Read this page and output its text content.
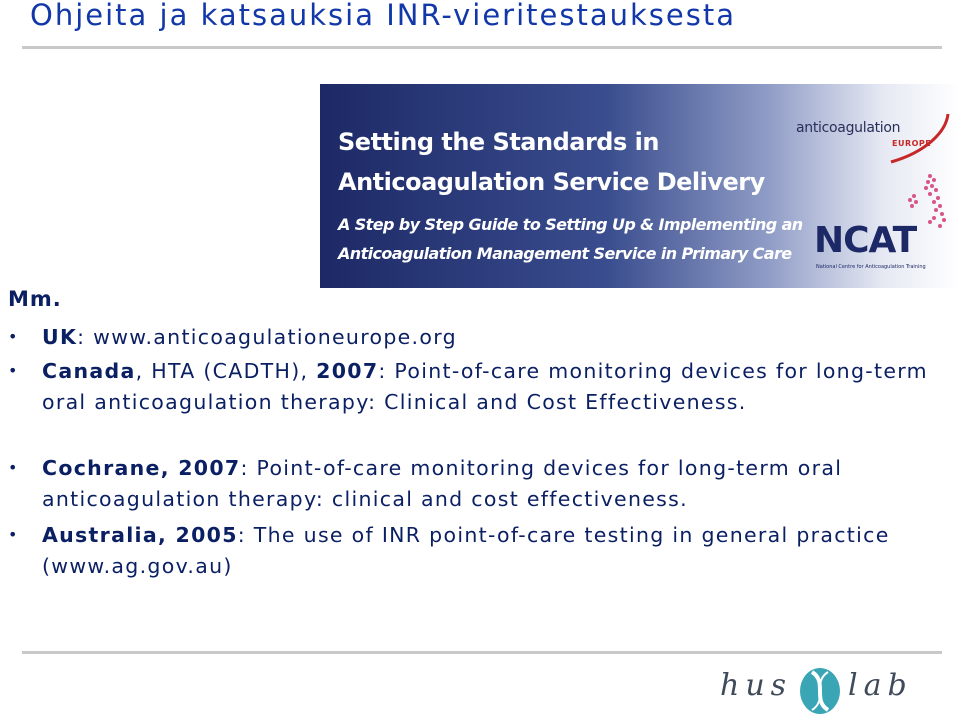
Ohjeita ja katsauksia INR-vieritestauksesta
Setting the Standards in
Anticoagulation Service Delivery
A Step by Step Guide to Setting Up & Implementing an
Anticoagulation Management Service in Primary Care
anticoagulation
EUROPE
NCAT
National Centre for Anticoagulation Training
Mm.
• UK: www.anticoagulationeurope.org
• Canada, HTA (CADTH), 2007: Point-of-care monitoring devices for long-term oral anticoagulation therapy: Clinical and Cost Effectiveness.
• Cochrane, 2007: Point-of-care monitoring devices for long-term oral anticoagulation therapy: clinical and cost effectiveness.
• Australia, 2005: The use of INR point-of-care testing in general practice (www.ag.gov.au)
hus lab
